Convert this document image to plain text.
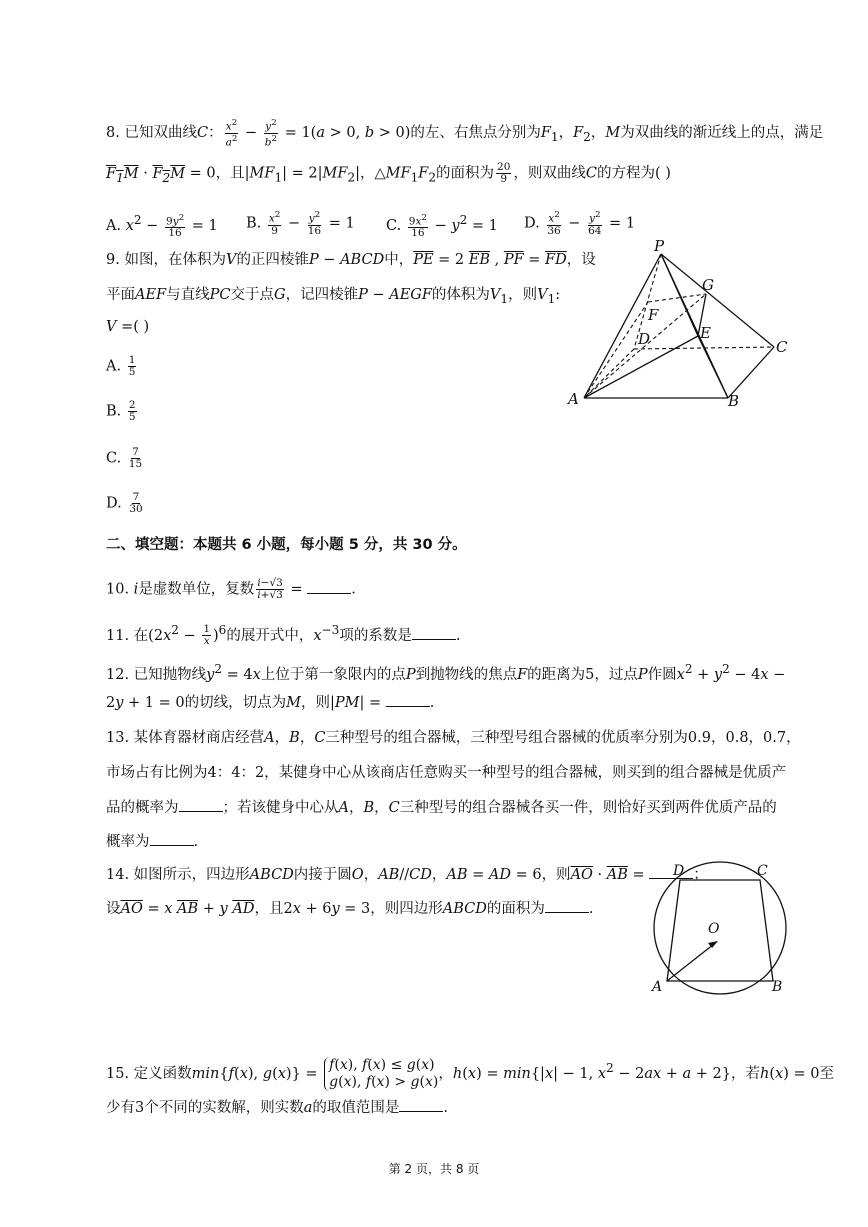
8. 已知双曲线C： $\frac{x^2}{a^2} - \frac{y^2}{b^2} = 1(a > 0$, b > 0)的左、右焦点分别为$F_1$，$F_2$，M为双曲线的渐近线上的点，满足
$F_1M \cdot F_2M = 0$，且$|MF_1| = 2|MF_2|$，$\triangle MF_1F_2$的面积为 $\frac{20}{9}$ ，则双曲线C的方程为( )
A. $x^2 - \frac{9y^2}{16} = 1$ B. $\frac{x^2}{9} - \frac{y^2}{16} = 1$ C. $\frac{9x^2}{16} - y^2 = 1$ D. $\frac{x^2}{36} - \frac{y^2}{64} = 1$
9. 如图，在体积为V的正四棱锥P − ABCD中，$\overline{PE} = 2$ $\overline{EB}$ , $\overline{PF} = \overline{FD}$，设
平面AEF与直线PC交于点G，记四棱锥P − AEGF的体积为$V_1$，则$V_1$:
V =( )
A. $\frac{1}{5}$
B. $\frac{2}{5}$
C. $\frac{7}{15}$
D. $\frac{7}{30}$
P
G
F
D	E
C
A	B
二、填空题：本题共 6 小题，每小题 5 分，共 30 分。
10. i是虚数单位，复数 $\frac{i-√3}{i+√3}$ =	.
11. 在$(2x^2 - \frac{1}{x} )^6$的展开式中，$x^{-3}$项的系数是	.
12. 已知抛物线$y^2 = 4x$上位于第一象限内的点P到抛物线的焦点F的距离为5，过点P作圆$x^2 + y^2 - 4x$ −
2y + 1 = 0的切线，切点为M，则|PM| =	.
13. 某体育器材商店经营A，B，C三种型号的组合器械，三种型号组合器械的优质率分别为0.9，0.8，0.7，
市场占有比例为4：4：2，某健身中心从该商店任意购买一种型号的组合器械，则买到的组合器械是优质产
品的概率为	；若该健身中心从A，B，C三种型号的组合器械各买一件，则恰好买到两件优质产品的
概率为	.
14. 如图所示，四边形ABCD内接于圆O，AB//CD，AB = AD = 6，则$\overline{AO} \cdot \overline{AB}$ =	；
设$\overline{AO} = x$ $\overline{AB} + y$ $\overline{AD}$，且2x + 6y = 3，则四边形ABCD的面积为	.
D	C
O
A	B
15. 定义函数min{f(x), g(x)} =
f(x), f(x) ≤ g(x)
g(x), f(x) > g(x) ，h(x) = min{|x| − 1, $x^2 - 2ax + a + 2$}，若h(x) = 0至
少有3个不同的实数解，则实数a的取值范围是	.
第 2 页，共 8 页
